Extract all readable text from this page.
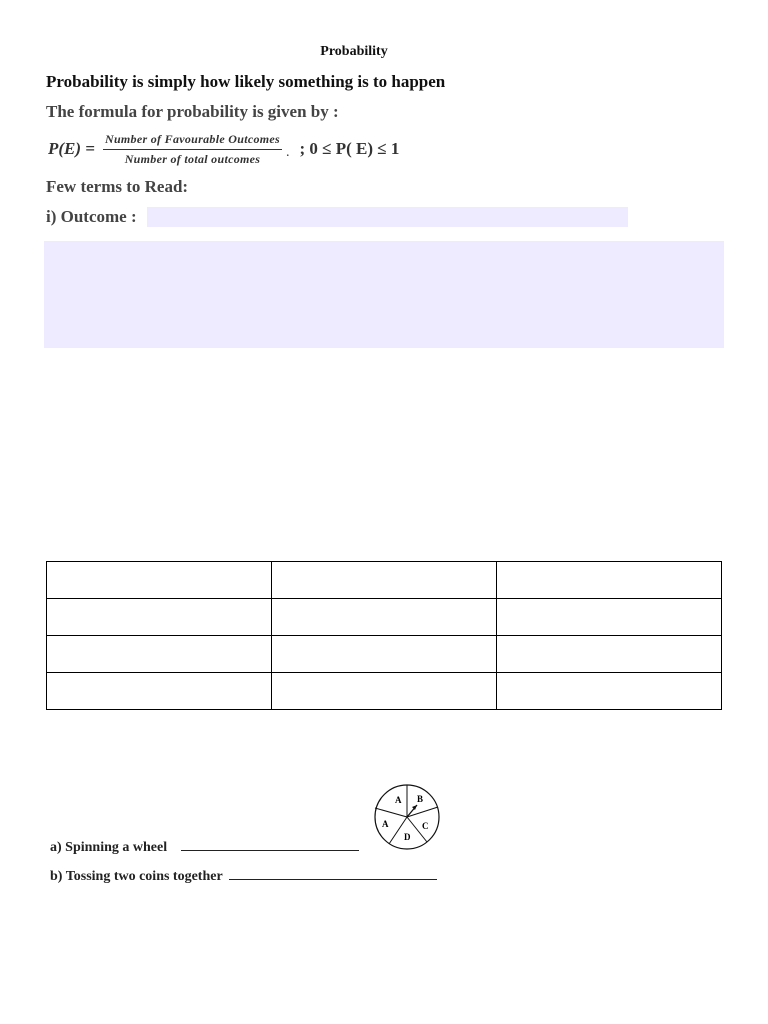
Probability
Probability is simply how likely something is to happen
The formula for probability is given by :
$P(E) = \frac{\text{Number of Favourable Outcomes}}{\text{Number of total outcomes}}$ . ; 0 ≤ P( E) ≤ 1
Few terms to Read:
i) Outcome :

A B
C
D
A
a) Spinning a wheel
b) Tossing two coins together
